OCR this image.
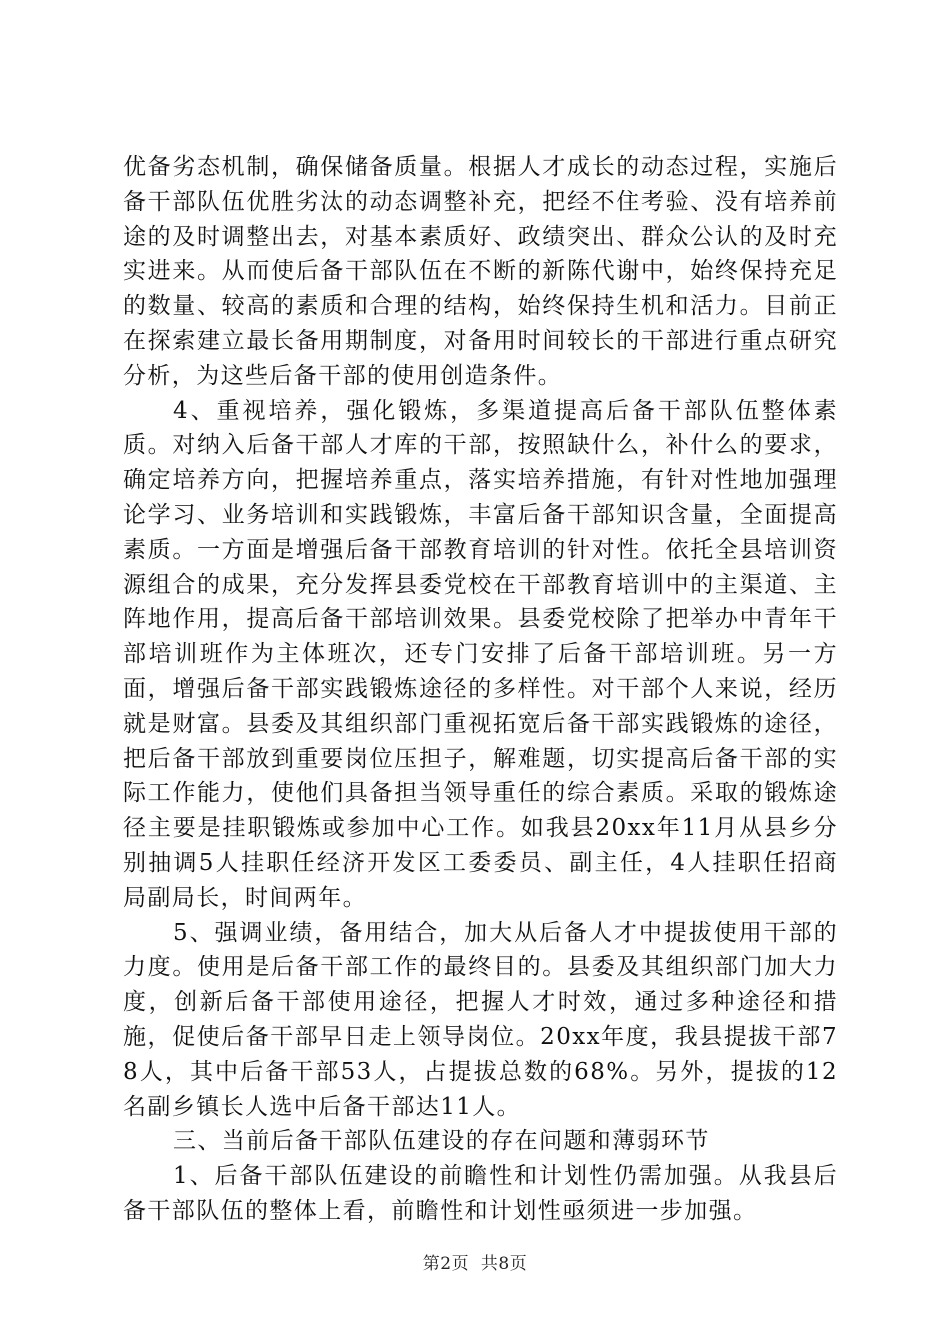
优备劣态机制，确保储备质量。根据人才成长的动态过程，实施后备干部队伍优胜劣汰的动态调整补充，把经不住考验、没有培养前途的及时调整出去，对基本素质好、政绩突出、群众公认的及时充实进来。从而使后备干部队伍在不断的新陈代谢中，始终保持充足的数量、较高的素质和合理的结构，始终保持生机和活力。目前正在探索建立最长备用期制度，对备用时间较长的干部进行重点研究分析，为这些后备干部的使用创造条件。

4、重视培养，强化锻炼，多渠道提高后备干部队伍整体素质。对纳入后备干部人才库的干部，按照缺什么，补什么的要求，确定培养方向，把握培养重点，落实培养措施，有针对性地加强理论学习、业务培训和实践锻炼，丰富后备干部知识含量，全面提高素质。一方面是增强后备干部教育培训的针对性。依托全县培训资源组合的成果，充分发挥县委党校在干部教育培训中的主渠道、主阵地作用，提高后备干部培训效果。县委党校除了把举办中青年干部培训班作为主体班次，还专门安排了后备干部培训班。另一方面，增强后备干部实践锻炼途径的多样性。对干部个人来说，经历就是财富。县委及其组织部门重视拓宽后备干部实践锻炼的途径，把后备干部放到重要岗位压担子，解难题，切实提高后备干部的实际工作能力，使他们具备担当领导重任的综合素质。采取的锻炼途径主要是挂职锻炼或参加中心工作。如我县20xx年11月从县乡分别抽调5人挂职任经济开发区工委委员、副主任，4人挂职任招商局副局长，时间两年。

5、强调业绩，备用结合，加大从后备人才中提拔使用干部的力度。使用是后备干部工作的最终目的。县委及其组织部门加大力度，创新后备干部使用途径，把握人才时效，通过多种途径和措施，促使后备干部早日走上领导岗位。20xx年度，我县提拔干部78人，其中后备干部53人，占提拔总数的68%。另外，提拔的12名副乡镇长人选中后备干部达11人。

三、当前后备干部队伍建设的存在问题和薄弱环节

1、后备干部队伍建设的前瞻性和计划性仍需加强。从我县后备干部队伍的整体上看，前瞻性和计划性亟须进一步加强。

第2页  共8页
